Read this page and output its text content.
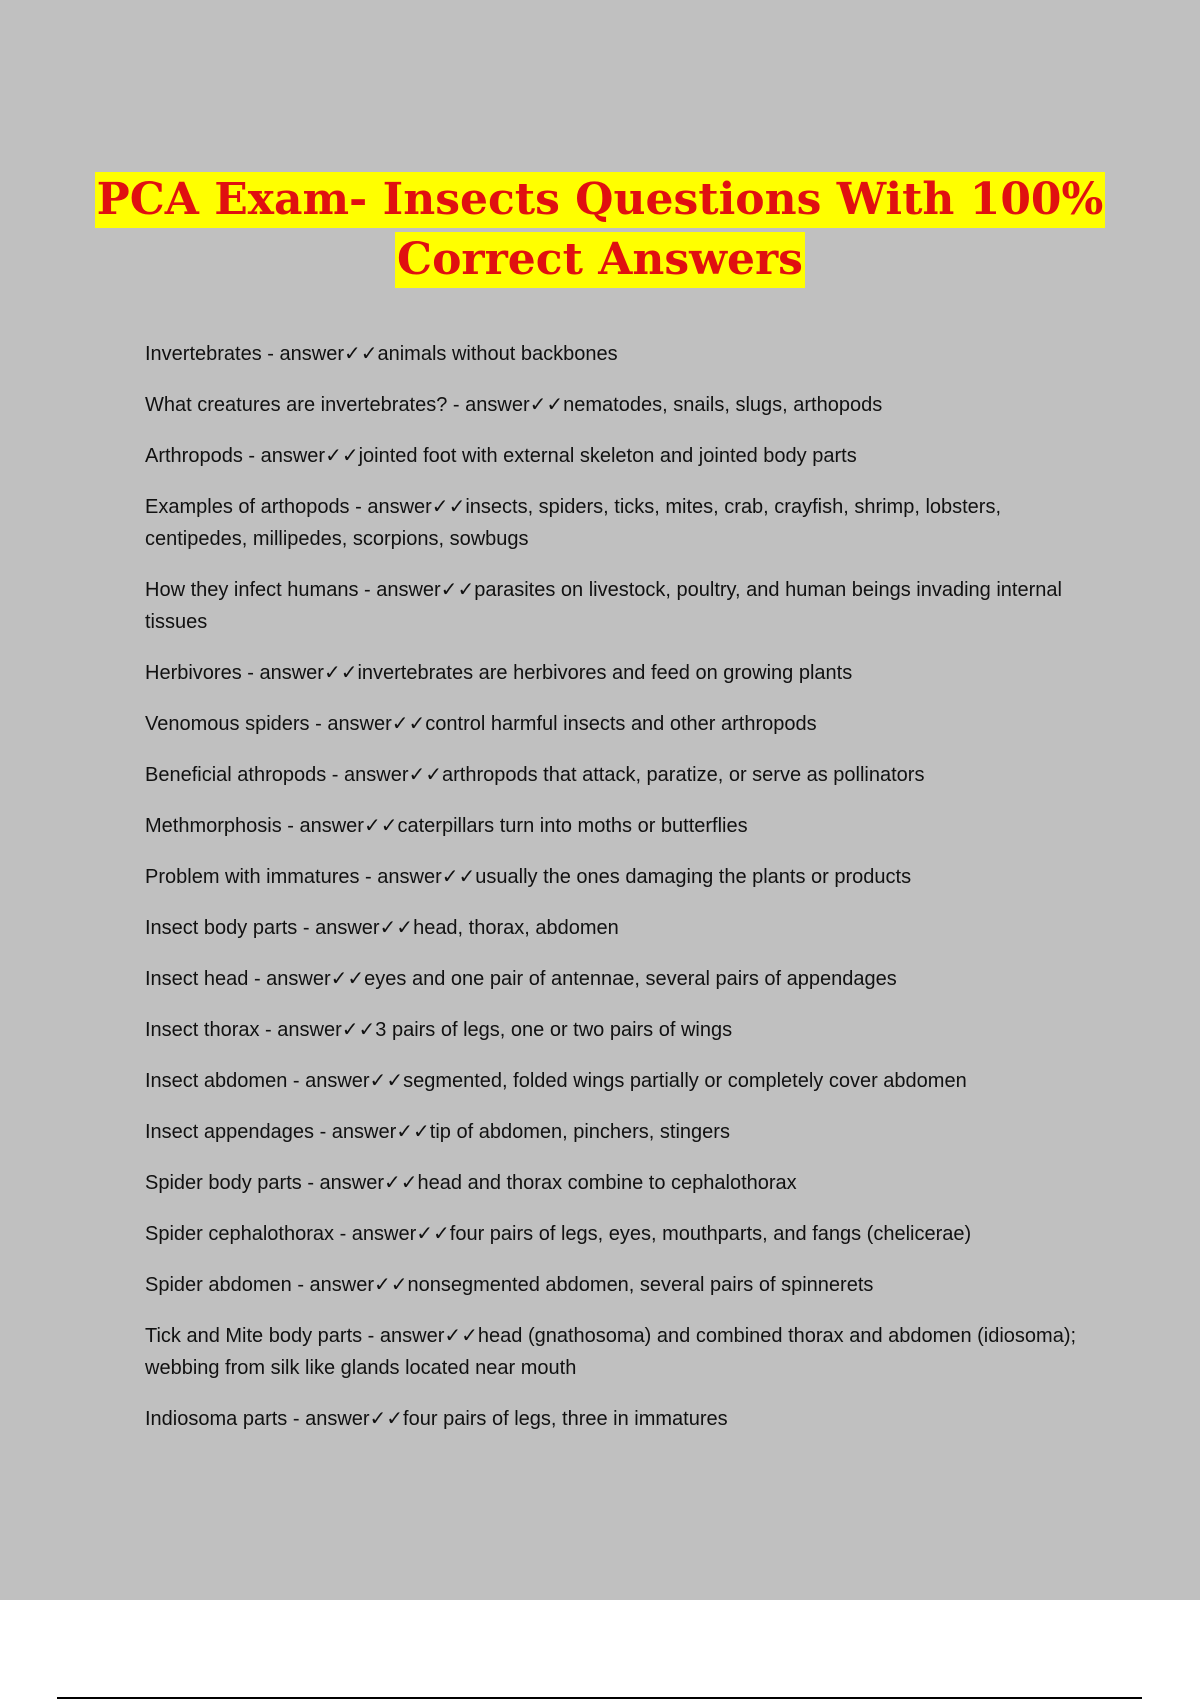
PCA Exam- Insects Questions With 100%
Correct Answers
Invertebrates - answer✓✓animals without backbones
What creatures are invertebrates? - answer✓✓nematodes, snails, slugs, arthopods
Arthropods - answer✓✓jointed foot with external skeleton and jointed body parts
Examples of arthopods - answer✓✓insects, spiders, ticks, mites, crab, crayfish, shrimp, lobsters, centipedes, millipedes, scorpions, sowbugs
How they infect humans - answer✓✓parasites on livestock, poultry, and human beings invading internal tissues
Herbivores - answer✓✓invertebrates are herbivores and feed on growing plants
Venomous spiders - answer✓✓control harmful insects and other arthropods
Beneficial athropods - answer✓✓arthropods that attack, paratize, or serve as pollinators
Methmorphosis - answer✓✓caterpillars turn into moths or butterflies
Problem with immatures - answer✓✓usually the ones damaging the plants or products
Insect body parts - answer✓✓head, thorax, abdomen
Insect head - answer✓✓eyes and one pair of antennae, several pairs of appendages
Insect thorax - answer✓✓3 pairs of legs, one or two pairs of wings
Insect abdomen - answer✓✓segmented, folded wings partially or completely cover abdomen
Insect appendages - answer✓✓tip of abdomen, pinchers, stingers
Spider body parts - answer✓✓head and thorax combine to cephalothorax
Spider cephalothorax - answer✓✓four pairs of legs, eyes, mouthparts, and fangs (chelicerae)
Spider abdomen - answer✓✓nonsegmented abdomen, several pairs of spinnerets
Tick and Mite body parts - answer✓✓head (gnathosoma) and combined thorax and abdomen (idiosoma); webbing from silk like glands located near mouth
Indiosoma parts - answer✓✓four pairs of legs, three in immatures
